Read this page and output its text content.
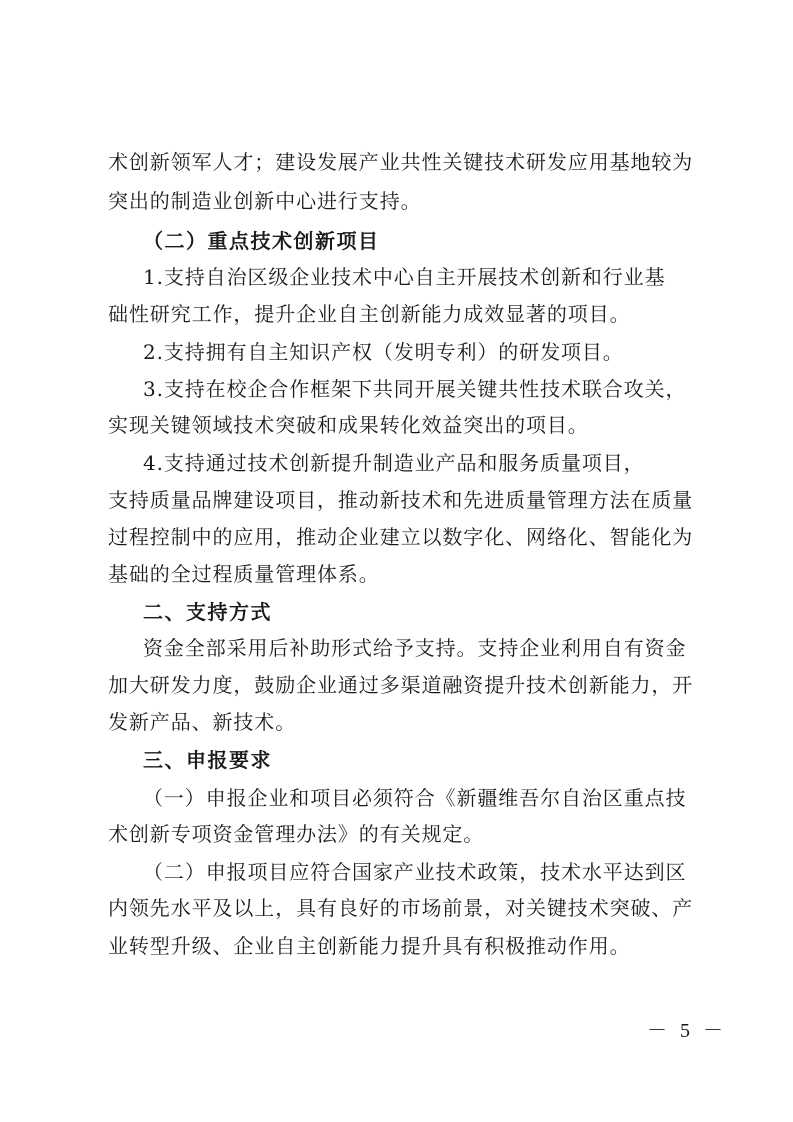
术创新领军人才；建设发展产业共性关键技术研发应用基地较为
突出的制造业创新中心进行支持。
（二）重点技术创新项目
1.支持自治区级企业技术中心自主开展技术创新和行业基
础性研究工作，提升企业自主创新能力成效显著的项目。
2.支持拥有自主知识产权（发明专利）的研发项目。
3.支持在校企合作框架下共同开展关键共性技术联合攻关，
实现关键领域技术突破和成果转化效益突出的项目。
4.支持通过技术创新提升制造业产品和服务质量项目，
支持质量品牌建设项目，推动新技术和先进质量管理方法在质量
过程控制中的应用，推动企业建立以数字化、网络化、智能化为
基础的全过程质量管理体系。
二、支持方式
资金全部采用后补助形式给予支持。支持企业利用自有资金
加大研发力度，鼓励企业通过多渠道融资提升技术创新能力，开
发新产品、新技术。
三、申报要求
（一）申报企业和项目必须符合《新疆维吾尔自治区重点技
术创新专项资金管理办法》的有关规定。
（二）申报项目应符合国家产业技术政策，技术水平达到区
内领先水平及以上，具有良好的市场前景，对关键技术突破、产
业转型升级、企业自主创新能力提升具有积极推动作用。
－ 5 －
